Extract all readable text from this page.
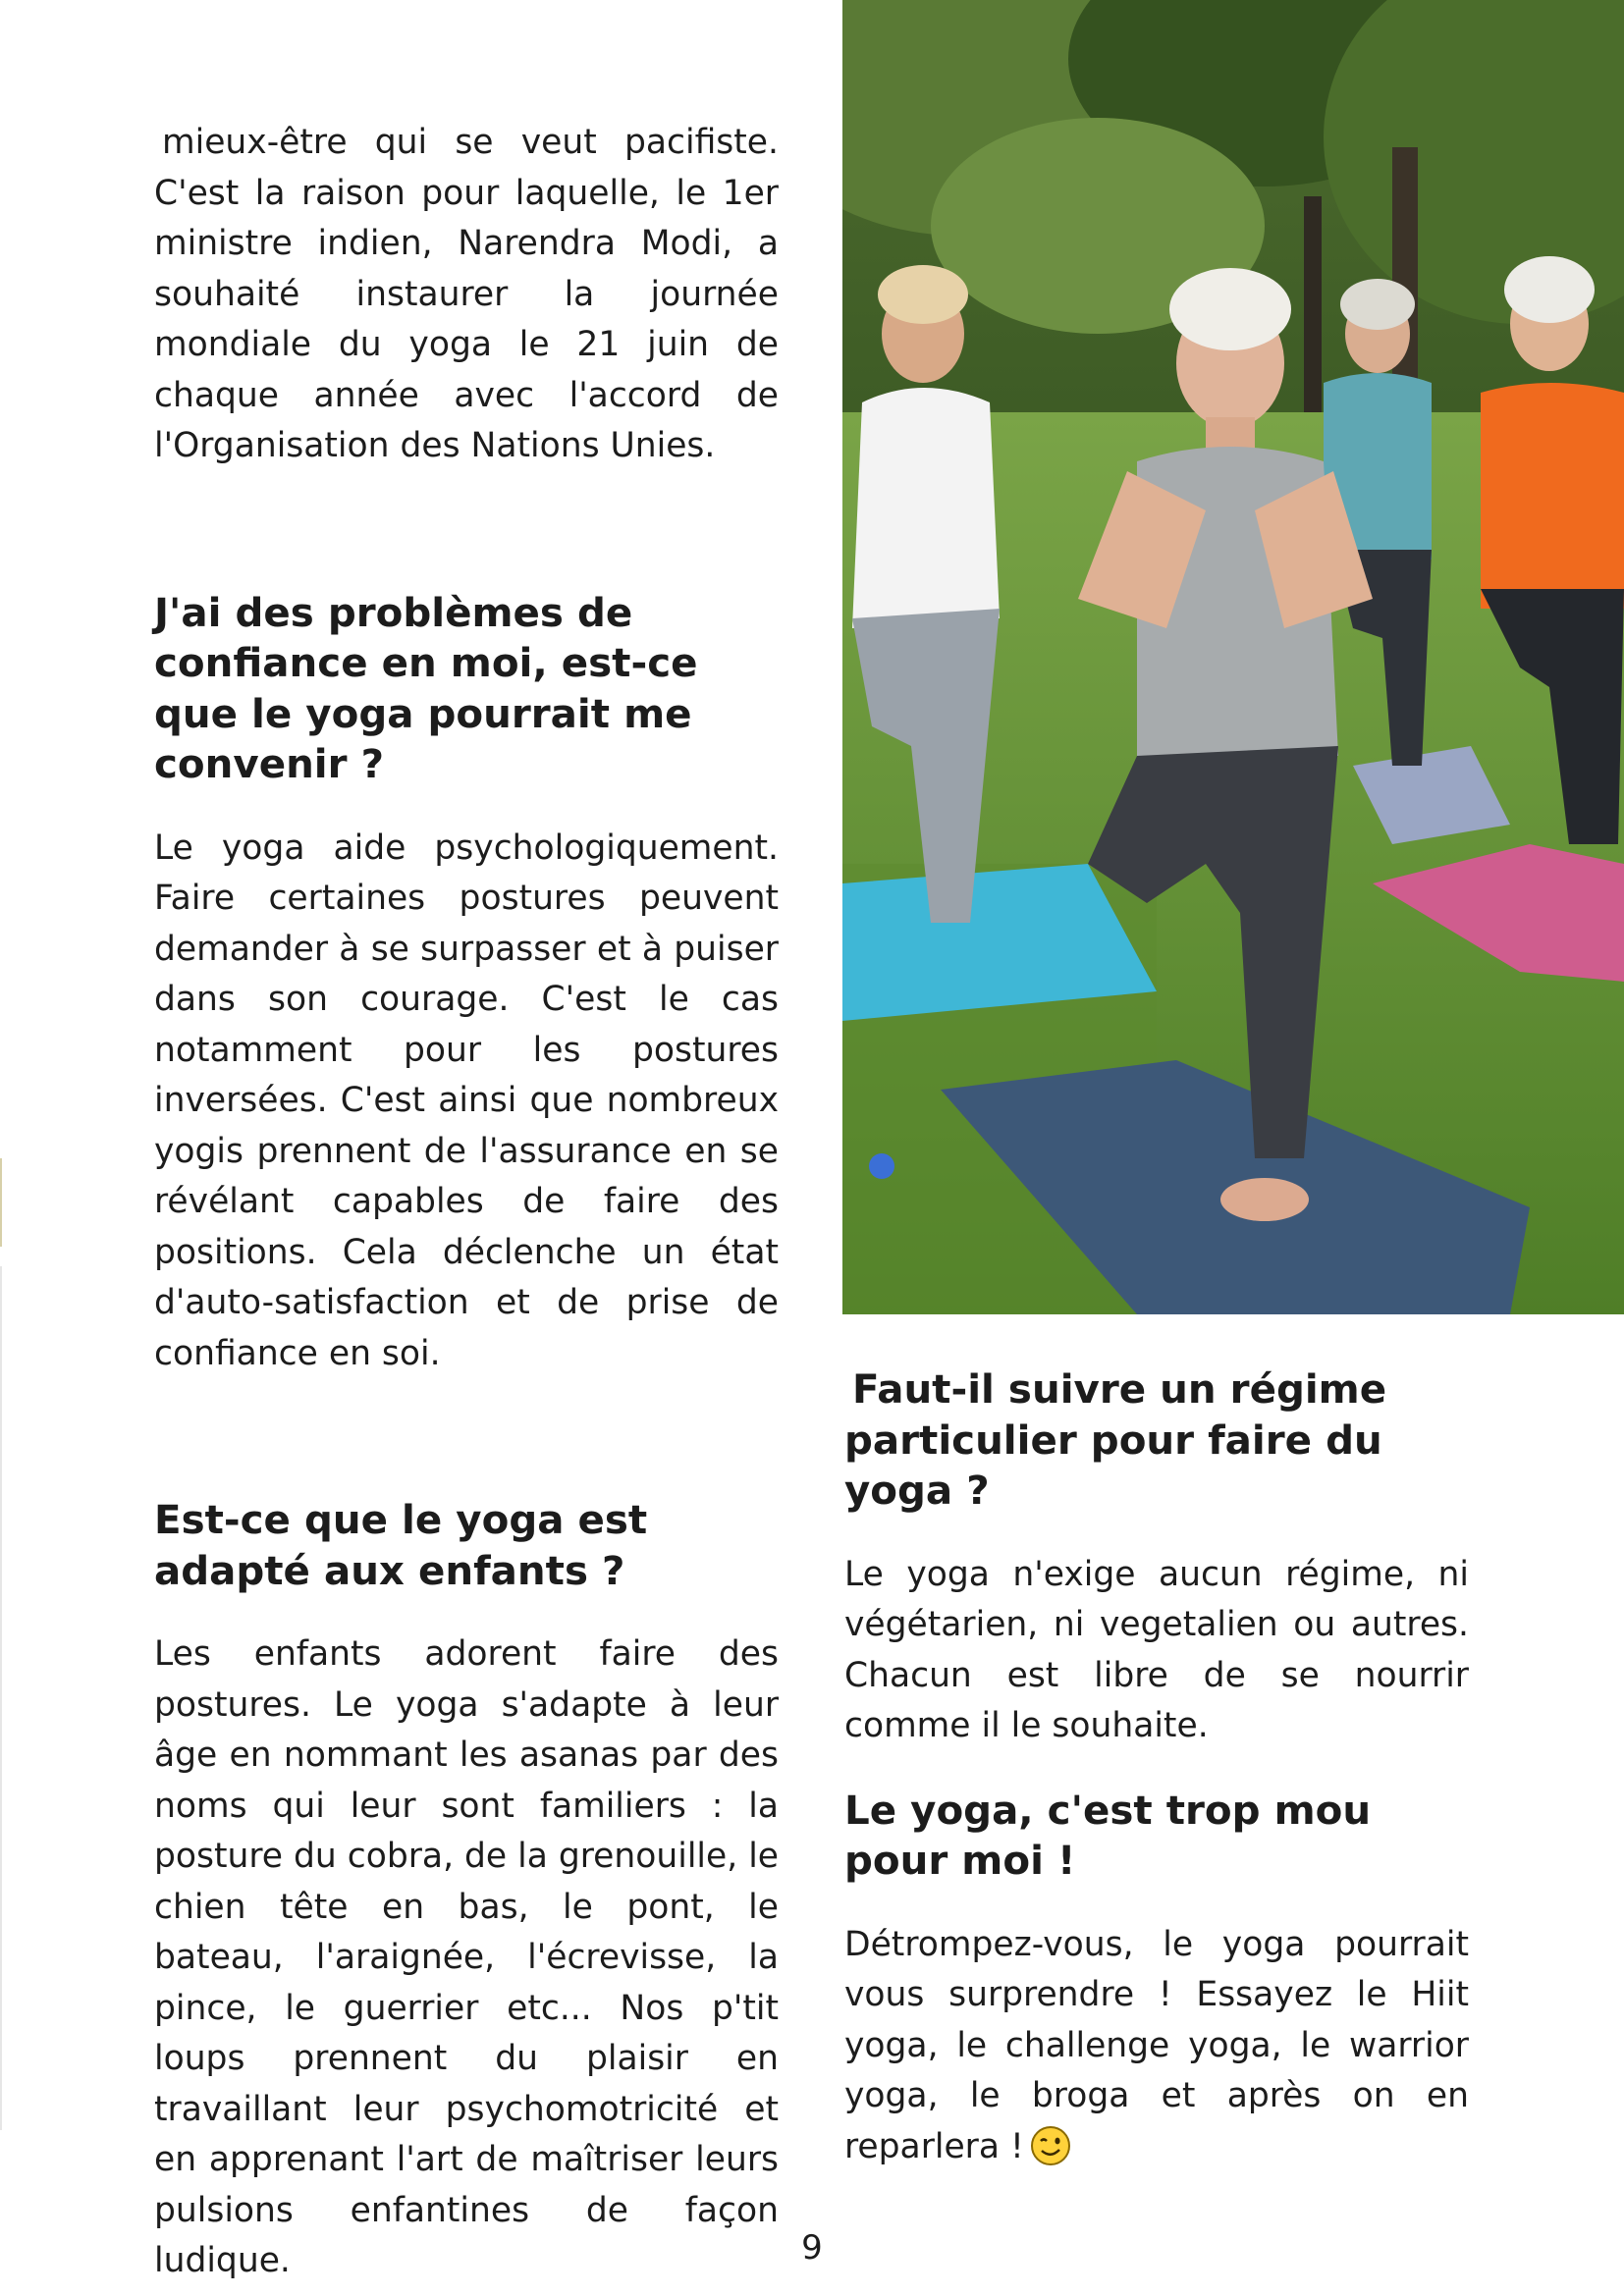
mieux-être qui se veut pacifiste. C'est la raison pour laquelle, le 1er ministre indien, Narendra Modi, a souhaité instaurer la journée mondiale du yoga le 21 juin de chaque année avec l'accord de l'Organisation des Nations Unies.

J'ai des problèmes de confiance en moi, est-ce que le yoga pourrait me convenir ?

Le yoga aide psychologiquement. Faire certaines postures peuvent demander à se surpasser et à puiser dans son courage. C'est le cas notamment pour les postures inversées. C'est ainsi que nombreux yogis prennent de l'assurance en se révélant capables de faire des positions. Cela déclenche un état d'auto-satisfaction et de prise de confiance en soi.

Est-ce que le yoga est adapté aux enfants ?

Les enfants adorent faire des postures. Le yoga s'adapte à leur âge en nommant les asanas par des noms qui leur sont familiers : la posture du cobra, de la grenouille, le chien tête en bas, le pont, le bateau, l'araignée, l'écrevisse, la pince, le guerrier etc... Nos p'tit loups prennent du plaisir en travaillant leur psychomotricité et en apprenant l'art de maîtriser leurs pulsions enfantines de façon ludique.

Faut-il suivre un régime particulier pour faire du yoga ?

Le yoga n'exige aucun régime, ni végétarien, ni vegetalien ou autres. Chacun est libre de se nourrir comme il le souhaite.

Le yoga, c'est trop mou pour moi !

Détrompez-vous, le yoga pourrait vous surprendre ! Essayez le Hiit yoga, le challenge yoga, le warrior yoga, le broga et après on en reparlera !

9
